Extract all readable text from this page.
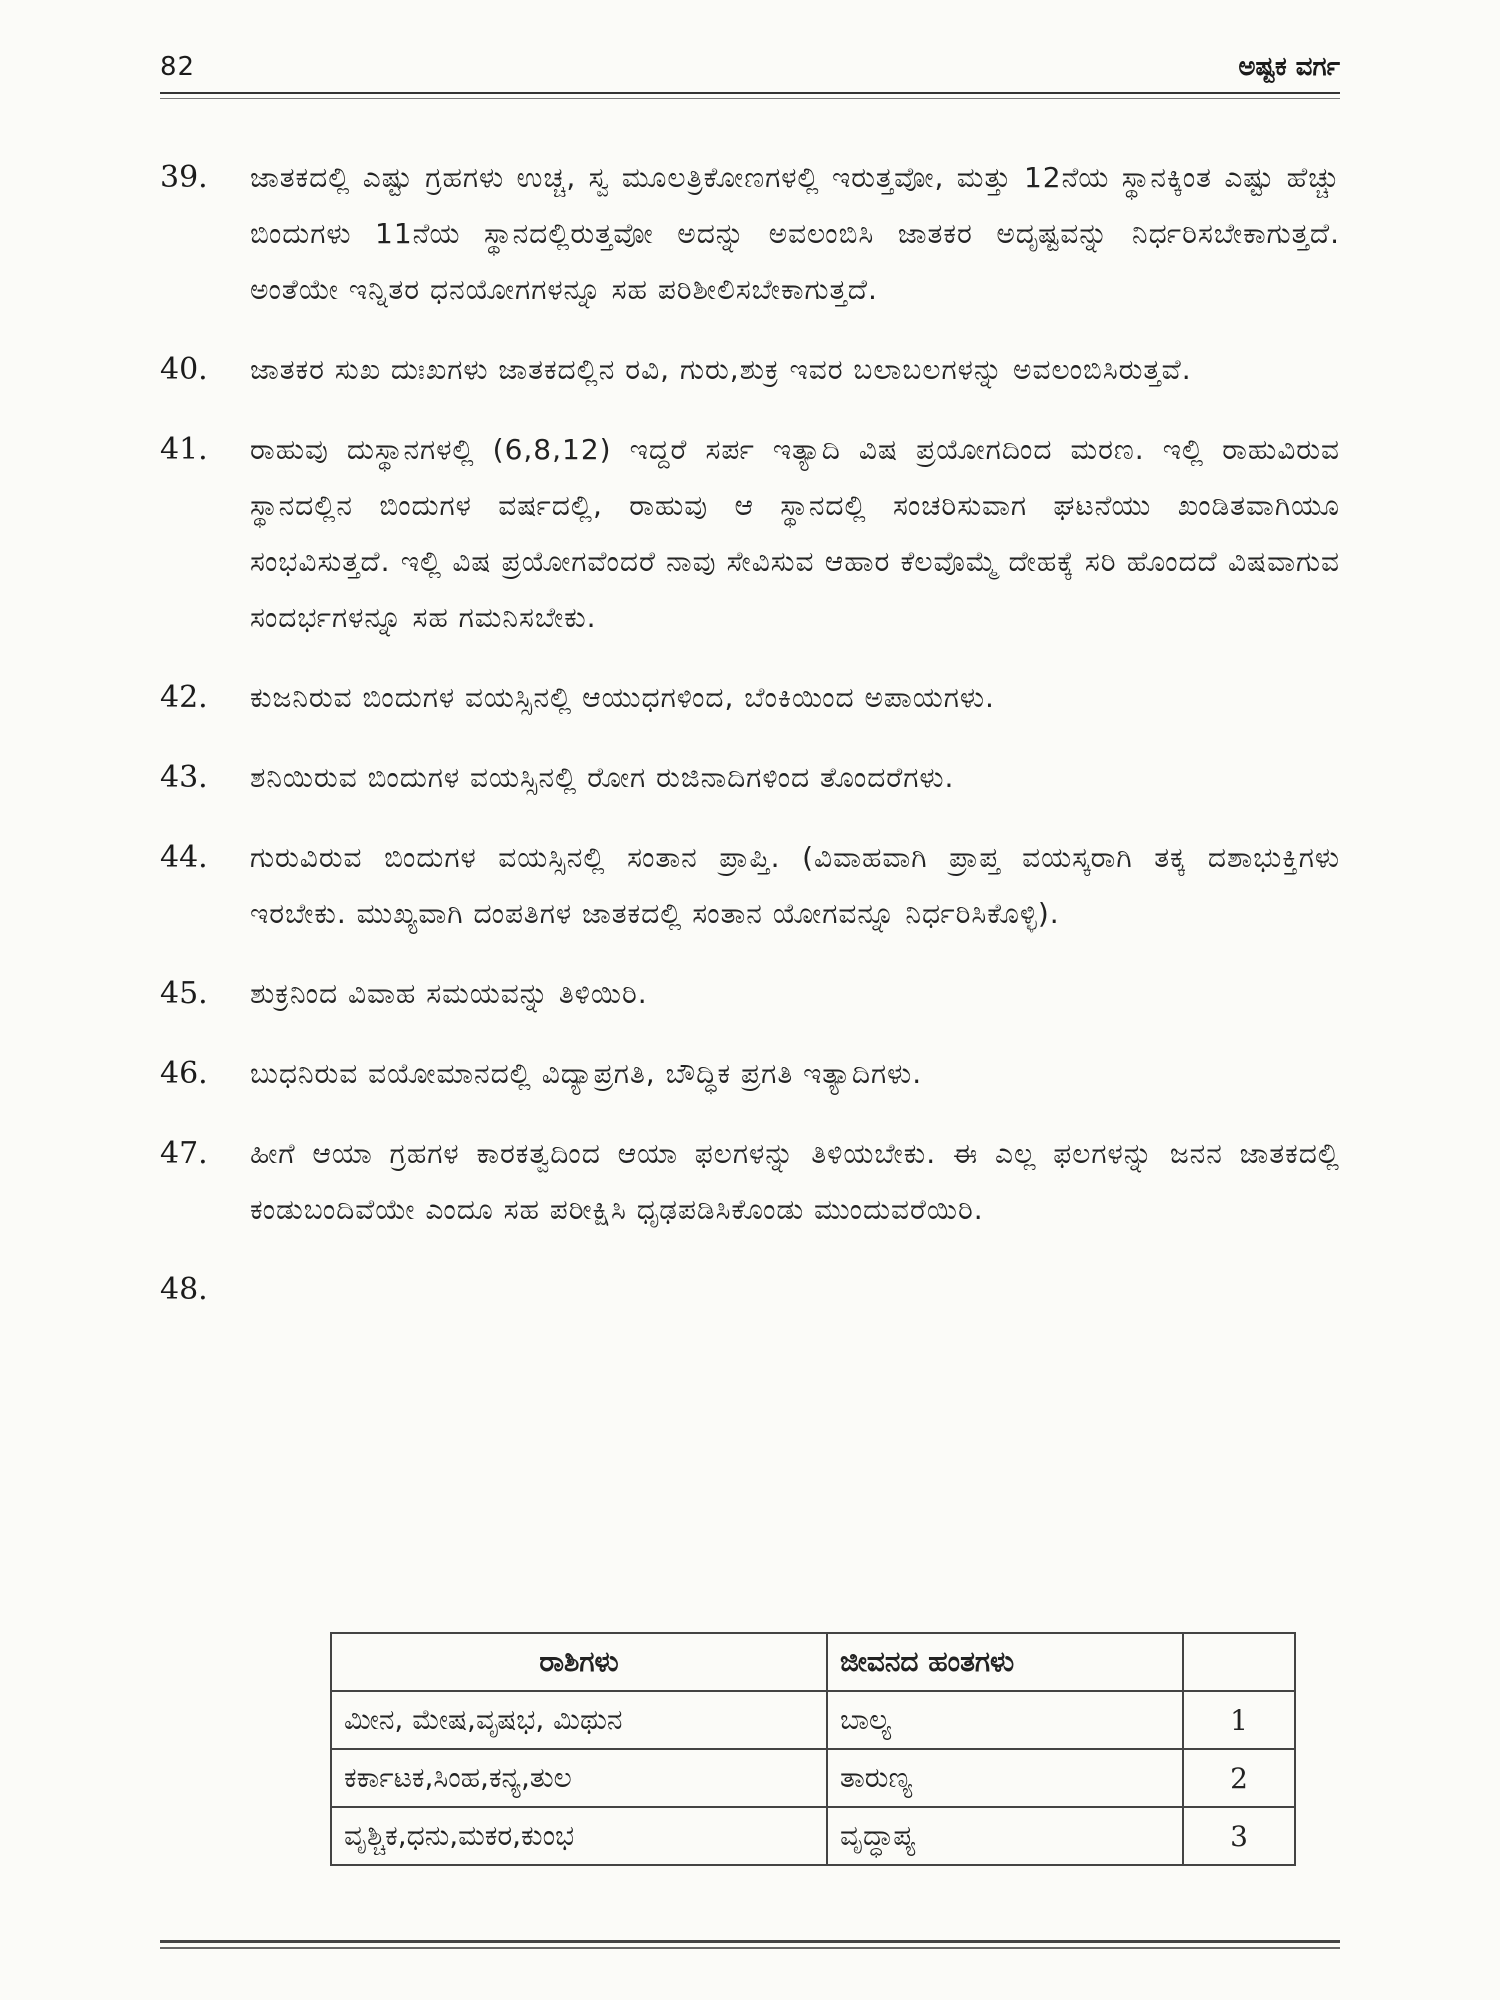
82	ಅಷ್ಟಕ ವರ್ಗ
39.	ಜಾತಕದಲ್ಲಿ ಎಷ್ಟು ಗ್ರಹಗಳು ಉಚ್ಚ, ಸ್ವ ಮೂಲತ್ರಿಕೋಣಗಳಲ್ಲಿ ಇರುತ್ತವೋ, ಮತ್ತು 12ನೆಯ ಸ್ಥಾನಕ್ಕಿಂತ ಎಷ್ಟು ಹೆಚ್ಚು ಬಿಂದುಗಳು 11ನೆಯ ಸ್ಥಾನದಲ್ಲಿರುತ್ತವೋ ಅದನ್ನು ಅವಲಂಬಿಸಿ ಜಾತಕರ ಅದೃಷ್ಟವನ್ನು ನಿರ್ಧರಿಸಬೇಕಾಗುತ್ತದೆ. ಅಂತೆಯೇ ಇನ್ನಿತರ ಧನಯೋಗಗಳನ್ನೂ ಸಹ ಪರಿಶೀಲಿಸಬೇಕಾಗುತ್ತದೆ.
40.	ಜಾತಕರ ಸುಖ ದುಃಖಗಳು ಜಾತಕದಲ್ಲಿನ ರವಿ, ಗುರು,ಶುಕ್ರ ಇವರ ಬಲಾಬಲಗಳನ್ನು ಅವಲಂಬಿಸಿರುತ್ತವೆ.
41.	ರಾಹುವು ದುಸ್ಥಾನಗಳಲ್ಲಿ (6,8,12) ಇದ್ದರೆ ಸರ್ಪ ಇತ್ಯಾದಿ ವಿಷ ಪ್ರಯೋಗದಿಂದ ಮರಣ. ಇಲ್ಲಿ ರಾಹುವಿರುವ ಸ್ಥಾನದಲ್ಲಿನ ಬಿಂದುಗಳ ವರ್ಷದಲ್ಲಿ, ರಾಹುವು ಆ ಸ್ಥಾನದಲ್ಲಿ ಸಂಚರಿಸುವಾಗ ಘಟನೆಯು ಖಂಡಿತವಾಗಿಯೂ ಸಂಭವಿಸುತ್ತದೆ. ಇಲ್ಲಿ ವಿಷ ಪ್ರಯೋಗವೆಂದರೆ ನಾವು ಸೇವಿಸುವ ಆಹಾರ ಕೆಲವೊಮ್ಮೆ ದೇಹಕ್ಕೆ ಸರಿ ಹೊಂದದೆ ವಿಷವಾಗುವ ಸಂದರ್ಭಗಳನ್ನೂ ಸಹ ಗಮನಿಸಬೇಕು.
42.	ಕುಜನಿರುವ ಬಿಂದುಗಳ ವಯಸ್ಸಿನಲ್ಲಿ ಆಯುಧಗಳಿಂದ, ಬೆಂಕಿಯಿಂದ ಅಪಾಯಗಳು.
43.	ಶನಿಯಿರುವ ಬಿಂದುಗಳ ವಯಸ್ಸಿನಲ್ಲಿ ರೋಗ ರುಜಿನಾದಿಗಳಿಂದ ತೊಂದರೆಗಳು.
44.	ಗುರುವಿರುವ ಬಿಂದುಗಳ ವಯಸ್ಸಿನಲ್ಲಿ ಸಂತಾನ ಪ್ರಾಪ್ತಿ. (ವಿವಾಹವಾಗಿ ಪ್ರಾಪ್ತ ವಯಸ್ಕರಾಗಿ ತಕ್ಕ ದಶಾಭುಕ್ತಿಗಳು ಇರಬೇಕು. ಮುಖ್ಯವಾಗಿ ದಂಪತಿಗಳ ಜಾತಕದಲ್ಲಿ ಸಂತಾನ ಯೋಗವನ್ನೂ ನಿರ್ಧರಿಸಿಕೊಳ್ಳಿ).
45.	ಶುಕ್ರನಿಂದ ವಿವಾಹ ಸಮಯವನ್ನು ತಿಳಿಯಿರಿ.
46.	ಬುಧನಿರುವ ವಯೋಮಾನದಲ್ಲಿ ವಿದ್ಯಾಪ್ರಗತಿ, ಬೌದ್ಧಿಕ ಪ್ರಗತಿ ಇತ್ಯಾದಿಗಳು.
47.	ಹೀಗೆ ಆಯಾ ಗ್ರಹಗಳ ಕಾರಕತ್ವದಿಂದ ಆಯಾ ಫಲಗಳನ್ನು ತಿಳಿಯಬೇಕು. ಈ ಎಲ್ಲ ಫಲಗಳನ್ನು ಜನನ ಜಾತಕದಲ್ಲಿ ಕಂಡುಬಂದಿವೆಯೇ ಎಂದೂ ಸಹ ಪರೀಕ್ಷಿಸಿ ಧೃಢಪಡಿಸಿಕೊಂಡು ಮುಂದುವರೆಯಿರಿ.
48.
ರಾಶಿಗಳು	ಜೀವನದ ಹಂತಗಳು	
ಮೀನ, ಮೇಷ,ವೃಷಭ, ಮಿಥುನ	ಬಾಲ್ಯ	1
ಕರ್ಕಾಟಕ,ಸಿಂಹ,ಕನ್ಯ,ತುಲ	ತಾರುಣ್ಯ	2
ವೃಶ್ಚಿಕ,ಧನು,ಮಕರ,ಕುಂಭ	ವೃದ್ಧಾಪ್ಯ	3
